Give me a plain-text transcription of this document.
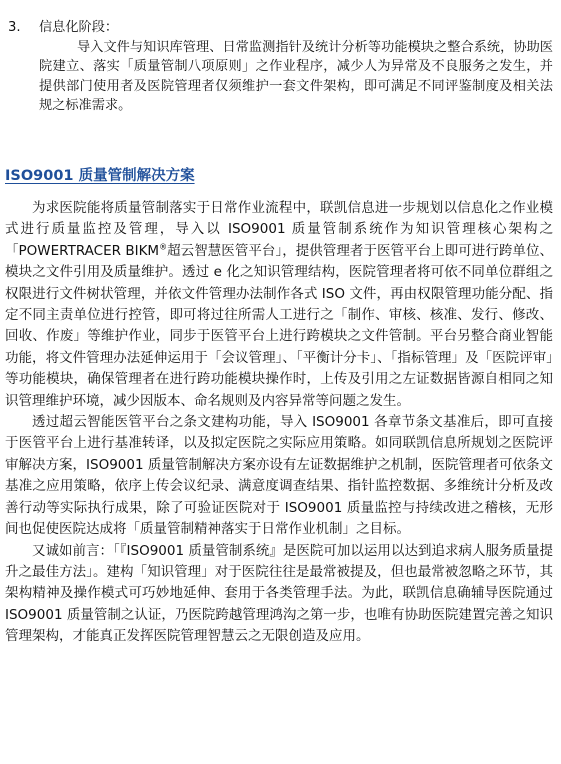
3. 信息化阶段：

导入文件与知识库管理、日常监测指针及统计分析等功能模块之整合系统，协助医院建立、落实「质量管制八项原则」之作业程序，减少人为异常及不良服务之发生，并提供部门使用者及医院管理者仅须维护一套文件架构，即可满足不同评鉴制度及相关法规之标准需求。

ISO9001 质量管制解决方案

为求医院能将质量管制落实于日常作业流程中，联凯信息进一步规划以信息化之作业模式进行质量监控及管理，导入以 ISO9001 质量管制系统作为知识管理核心架构之「POWERTRACER BIKM®超云智慧医管平台」，提供管理者于医管平台上即可进行跨单位、模块之文件引用及质量维护。透过 e 化之知识管理结构，医院管理者将可依不同单位群组之权限进行文件树状管理，并依文件管理办法制作各式 ISO 文件，再由权限管理功能分配、指定不同主责单位进行控管，即可将过往所需人工进行之「制作、审核、核准、发行、修改、回收、作废」等维护作业，同步于医管平台上进行跨模块之文件管制。平台另整合商业智能功能，将文件管理办法延伸运用于「会议管理」、「平衡计分卡」、「指标管理」及「医院评审」等功能模块，确保管理者在进行跨功能模块操作时，上传及引用之左证数据皆源自相同之知识管理维护环境，减少因版本、命名规则及内容异常等问题之发生。

透过超云智能医管平台之条文建构功能，导入 ISO9001 各章节条文基准后，即可直接于医管平台上进行基准转译，以及拟定医院之实际应用策略。如同联凯信息所规划之医院评审解决方案，ISO9001 质量管制解决方案亦设有左证数据维护之机制，医院管理者可依条文基准之应用策略，依序上传会议纪录、满意度调查结果、指针监控数据、多维统计分析及改善行动等实际执行成果，除了可验证医院对于 ISO9001 质量监控与持续改进之稽核，无形间也促使医院达成将「质量管制精神落实于日常作业机制」之目标。

又诚如前言：「『ISO9001 质量管制系统』是医院可加以运用以达到追求病人服务质量提升之最佳方法」。建构「知识管理」对于医院往往是最常被提及，但也最常被忽略之环节，其架构精神及操作模式可巧妙地延伸、套用于各类管理手法。为此，联凯信息确辅导医院通过 ISO9001 质量管制之认证，乃医院跨越管理鸿沟之第一步，也唯有协助医院建置完善之知识管理架构，才能真正发挥医院管理智慧云之无限创造及应用。
